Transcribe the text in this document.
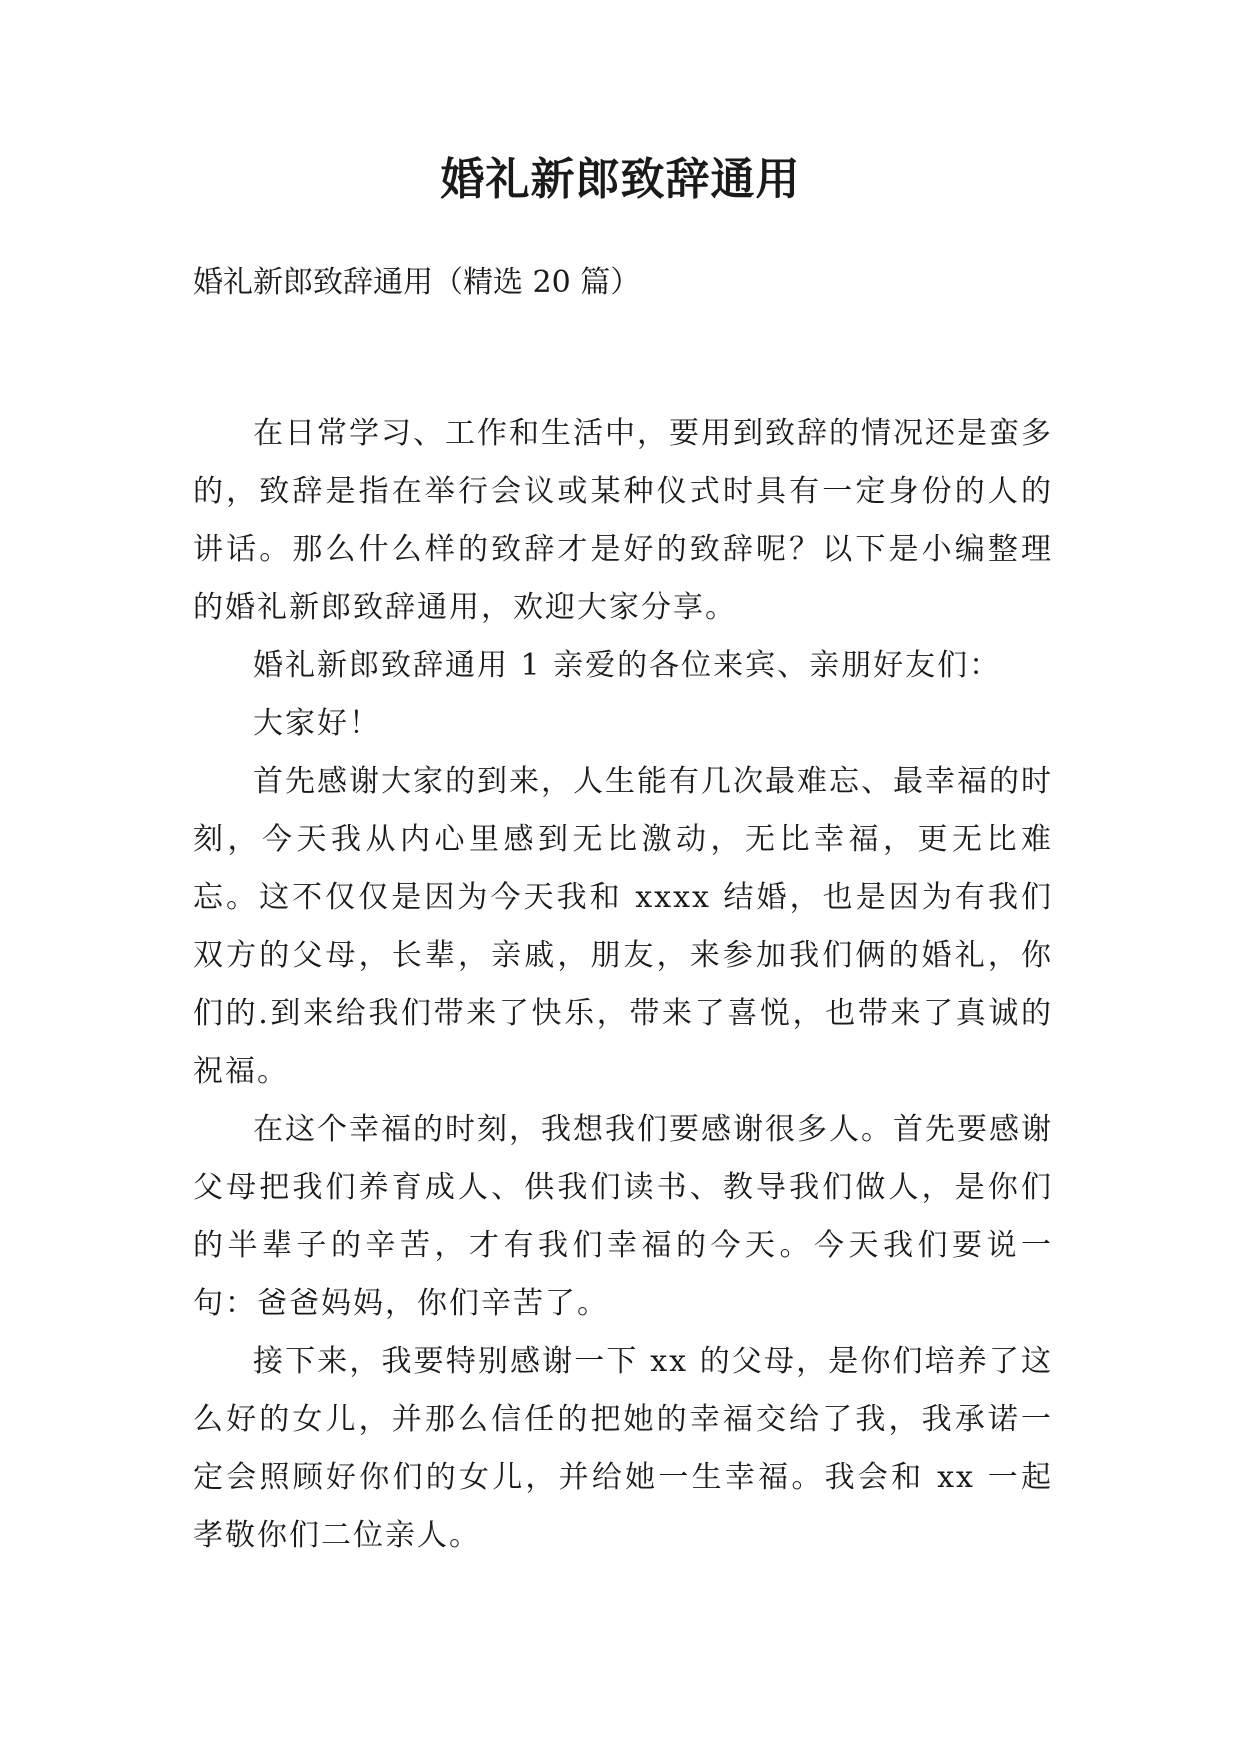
婚礼新郎致辞通用

婚礼新郎致辞通用（精选 20 篇）

在日常学习、工作和生活中，要用到致辞的情况还是蛮多的，致辞是指在举行会议或某种仪式时具有一定身份的人的讲话。那么什么样的致辞才是好的致辞呢？以下是小编整理的婚礼新郎致辞通用，欢迎大家分享。

婚礼新郎致辞通用 1 亲爱的各位来宾、亲朋好友们：

大家好！

首先感谢大家的到来，人生能有几次最难忘、最幸福的时刻，今天我从内心里感到无比激动，无比幸福，更无比难忘。这不仅仅是因为今天我和 xxxx 结婚，也是因为有我们双方的父母，长辈，亲戚，朋友，来参加我们俩的婚礼，你们的.到来给我们带来了快乐，带来了喜悦，也带来了真诚的祝福。

在这个幸福的时刻，我想我们要感谢很多人。首先要感谢父母把我们养育成人、供我们读书、教导我们做人，是你们的半辈子的辛苦，才有我们幸福的今天。今天我们要说一句：爸爸妈妈，你们辛苦了。

接下来，我要特别感谢一下 xx 的父母，是你们培养了这么好的女儿，并那么信任的把她的幸福交给了我，我承诺一定会照顾好你们的女儿，并给她一生幸福。我会和 xx 一起孝敬你们二位亲人。
